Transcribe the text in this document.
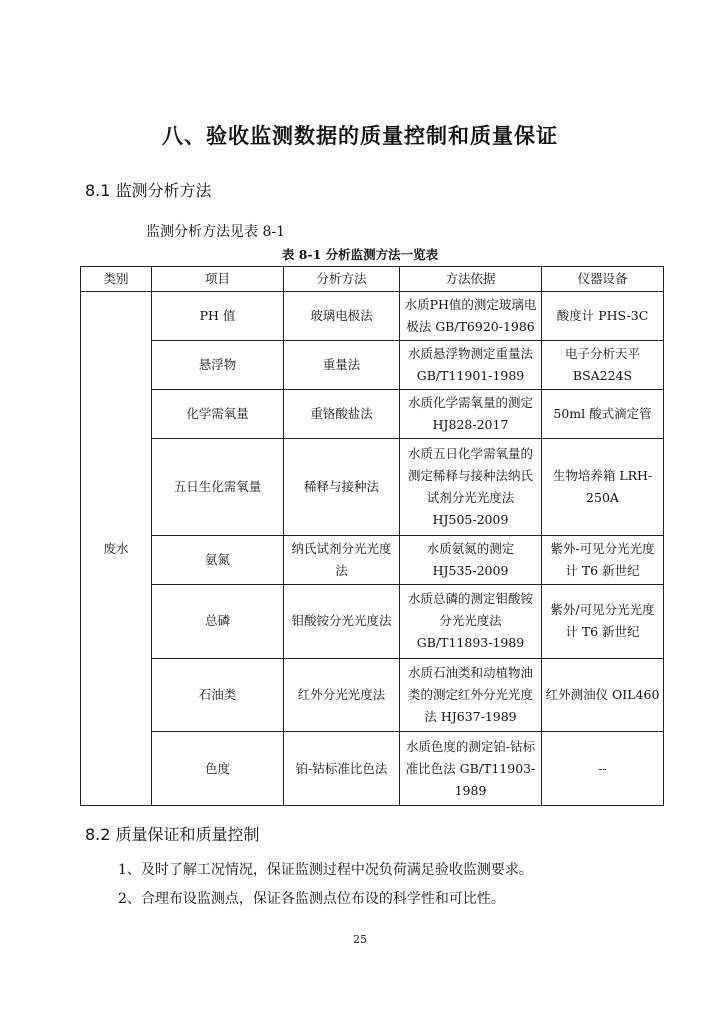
八、验收监测数据的质量控制和质量保证
8.1 监测分析方法
监测分析方法见表 8-1
表 8-1 分析监测方法一览表
类别	项目	分析方法	方法依据	仪器设备
废水	PH 值	玻璃电极法	水质PH值的测定玻璃电极法 GB/T6920-1986	酸度计 PHS-3C
	悬浮物	重量法	水质悬浮物测定重量法 GB/T11901-1989	电子分析天平 BSA224S
	化学需氧量	重铬酸盐法	水质化学需氧量的测定 HJ828-2017	50ml 酸式滴定管
	五日生化需氧量	稀释与接种法	水质五日化学需氧量的测定稀释与接种法纳氏试剂分光光度法 HJ505-2009	生物培养箱 LRH-250A
	氨氮	纳氏试剂分光光度法	水质氨氮的测定 HJ535-2009	紫外-可见分光光度计 T6 新世纪
	总磷	钼酸铵分光光度法	水质总磷的测定钼酸铵分光光度法 GB/T11893-1989	紫外/可见分光光度计 T6 新世纪
	石油类	红外分光光度法	水质石油类和动植物油类的测定红外分光光度法 HJ637-1989	红外测油仪 OIL460
	色度	铂-钴标准比色法	水质色度的测定铂-钴标准比色法 GB/T11903-1989	--
8.2 质量保证和质量控制
1、及时了解工况情况，保证监测过程中况负荷满足验收监测要求。
2、合理布设监测点，保证各监测点位布设的科学性和可比性。
25
